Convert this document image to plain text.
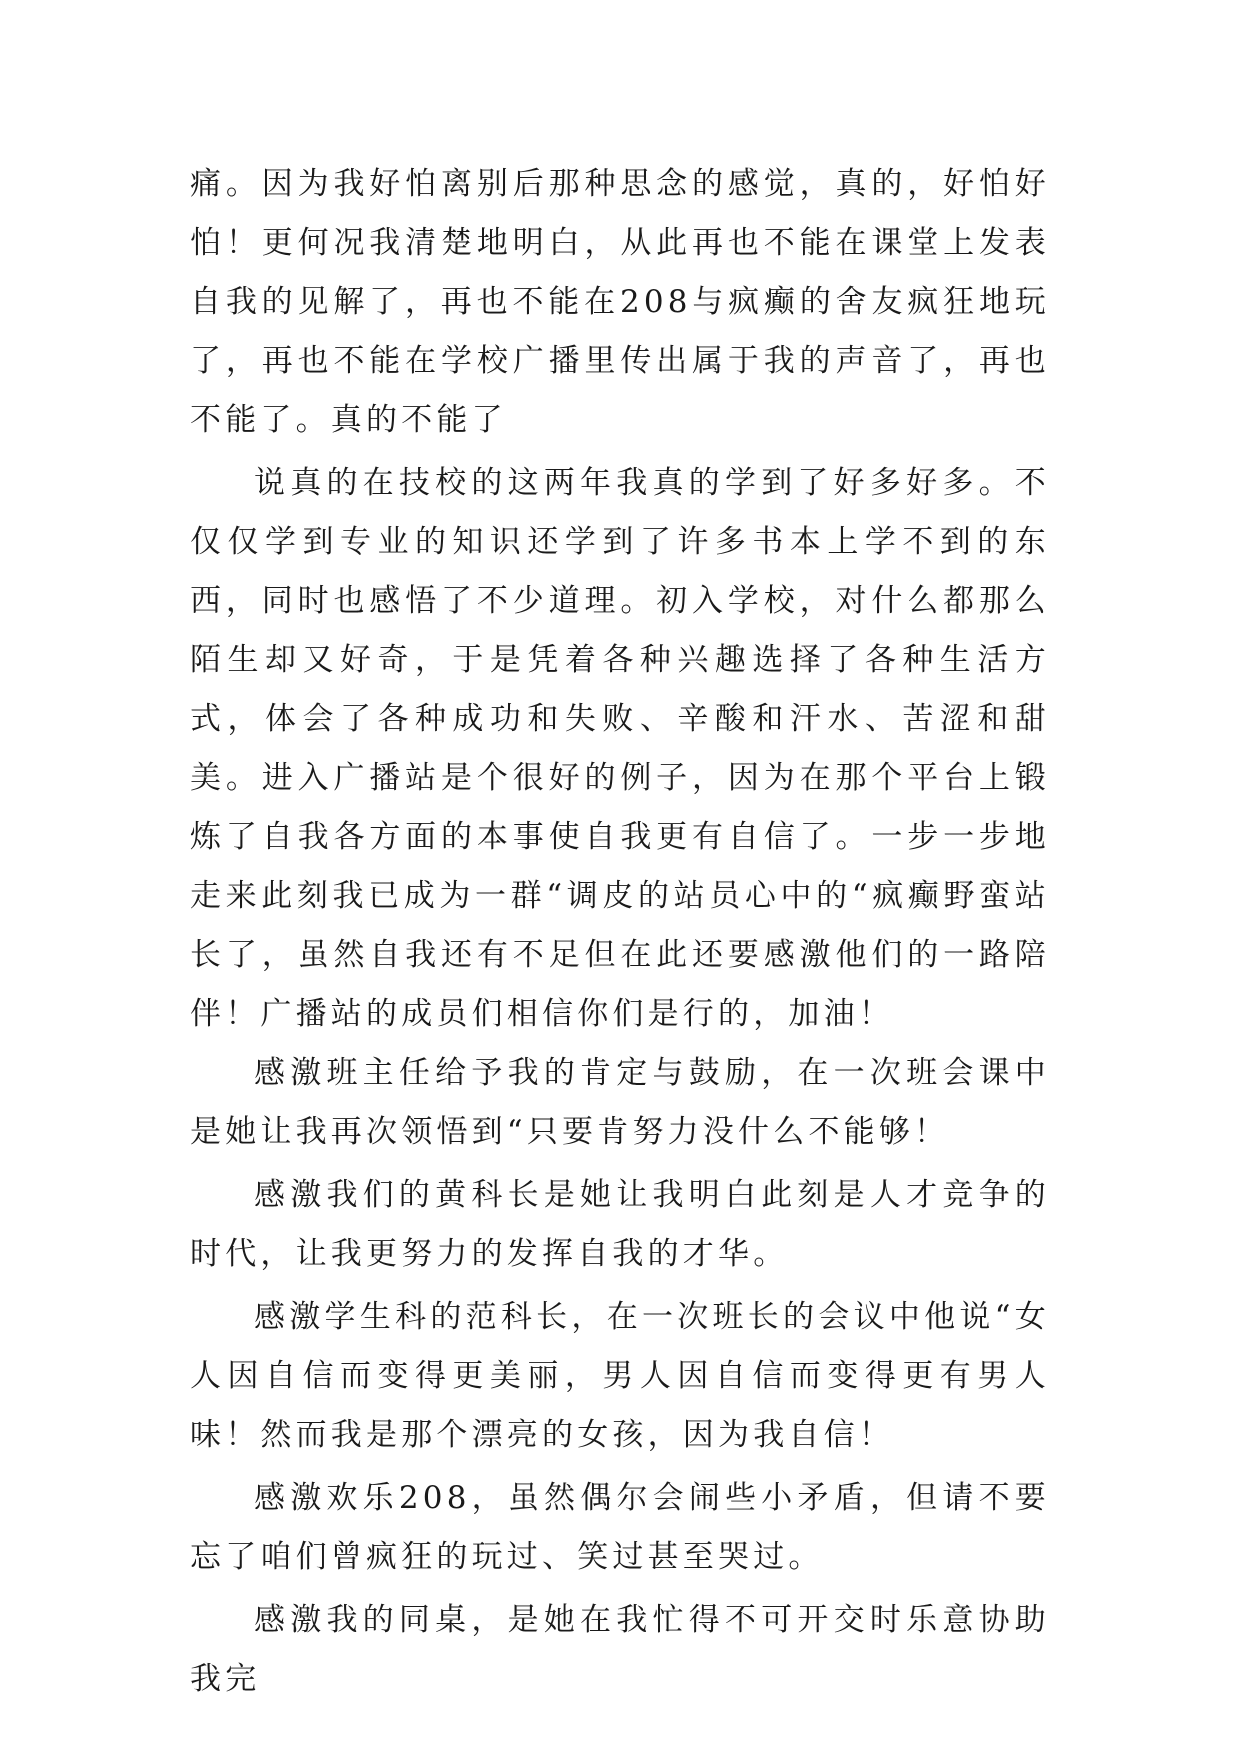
痛。因为我好怕离别后那种思念的感觉，真的，好怕好怕！更何况我清楚地明白，从此再也不能在课堂上发表自我的见解了，再也不能在208与疯癫的舍友疯狂地玩了，再也不能在学校广播里传出属于我的声音了，再也不能了。真的不能了

说真的在技校的这两年我真的学到了好多好多。不仅仅学到专业的知识还学到了许多书本上学不到的东西，同时也感悟了不少道理。初入学校，对什么都那么陌生却又好奇，于是凭着各种兴趣选择了各种生活方式，体会了各种成功和失败、辛酸和汗水、苦涩和甜美。进入广播站是个很好的例子，因为在那个平台上锻炼了自我各方面的本事使自我更有自信了。一步一步地走来此刻我已成为一群“调皮的站员心中的“疯癫野蛮站长了，虽然自我还有不足但在此还要感激他们的一路陪伴！广播站的成员们相信你们是行的，加油！

感激班主任给予我的肯定与鼓励，在一次班会课中是她让我再次领悟到“只要肯努力没什么不能够！

感激我们的黄科长是她让我明白此刻是人才竞争的时代，让我更努力的发挥自我的才华。

感激学生科的范科长，在一次班长的会议中他说“女人因自信而变得更美丽，男人因自信而变得更有男人味！然而我是那个漂亮的女孩，因为我自信！

感激欢乐208，虽然偶尔会闹些小矛盾，但请不要忘了咱们曾疯狂的玩过、笑过甚至哭过。

感激我的同桌，是她在我忙得不可开交时乐意协助我完
